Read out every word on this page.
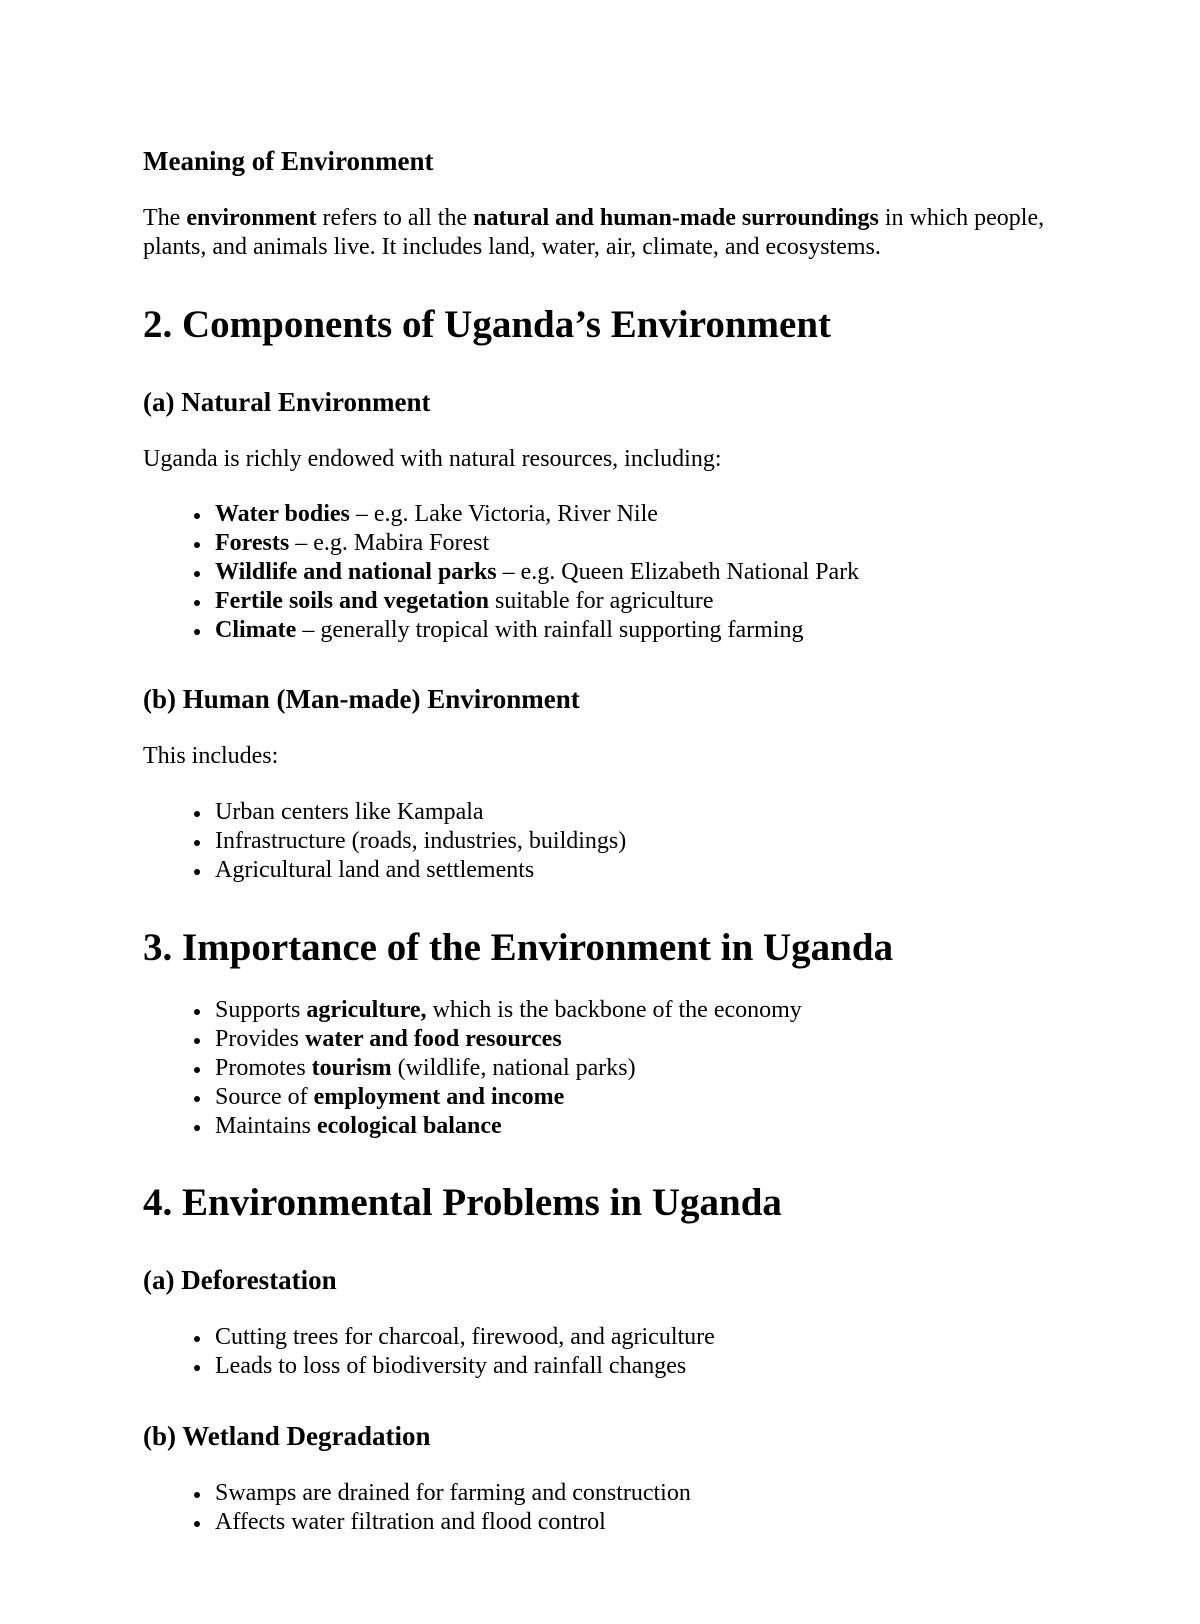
Meaning of Environment

The environment refers to all the natural and human-made surroundings in which people, plants, and animals live. It includes land, water, air, climate, and ecosystems.

2. Components of Uganda’s Environment
(a) Natural Environment

Uganda is richly endowed with natural resources, including:

• Water bodies – e.g. Lake Victoria, River Nile
• Forests – e.g. Mabira Forest
• Wildlife and national parks – e.g. Queen Elizabeth National Park
• Fertile soils and vegetation suitable for agriculture
• Climate – generally tropical with rainfall supporting farming
(b) Human (Man-made) Environment

This includes:

• Urban centers like Kampala
• Infrastructure (roads, industries, buildings)
• Agricultural land and settlements
3. Importance of the Environment in Uganda
• Supports agriculture, which is the backbone of the economy
• Provides water and food resources
• Promotes tourism (wildlife, national parks)
• Source of employment and income
• Maintains ecological balance
4. Environmental Problems in Uganda
(a) Deforestation
• Cutting trees for charcoal, firewood, and agriculture
• Leads to loss of biodiversity and rainfall changes
(b) Wetland Degradation
• Swamps are drained for farming and construction
• Affects water filtration and flood control
